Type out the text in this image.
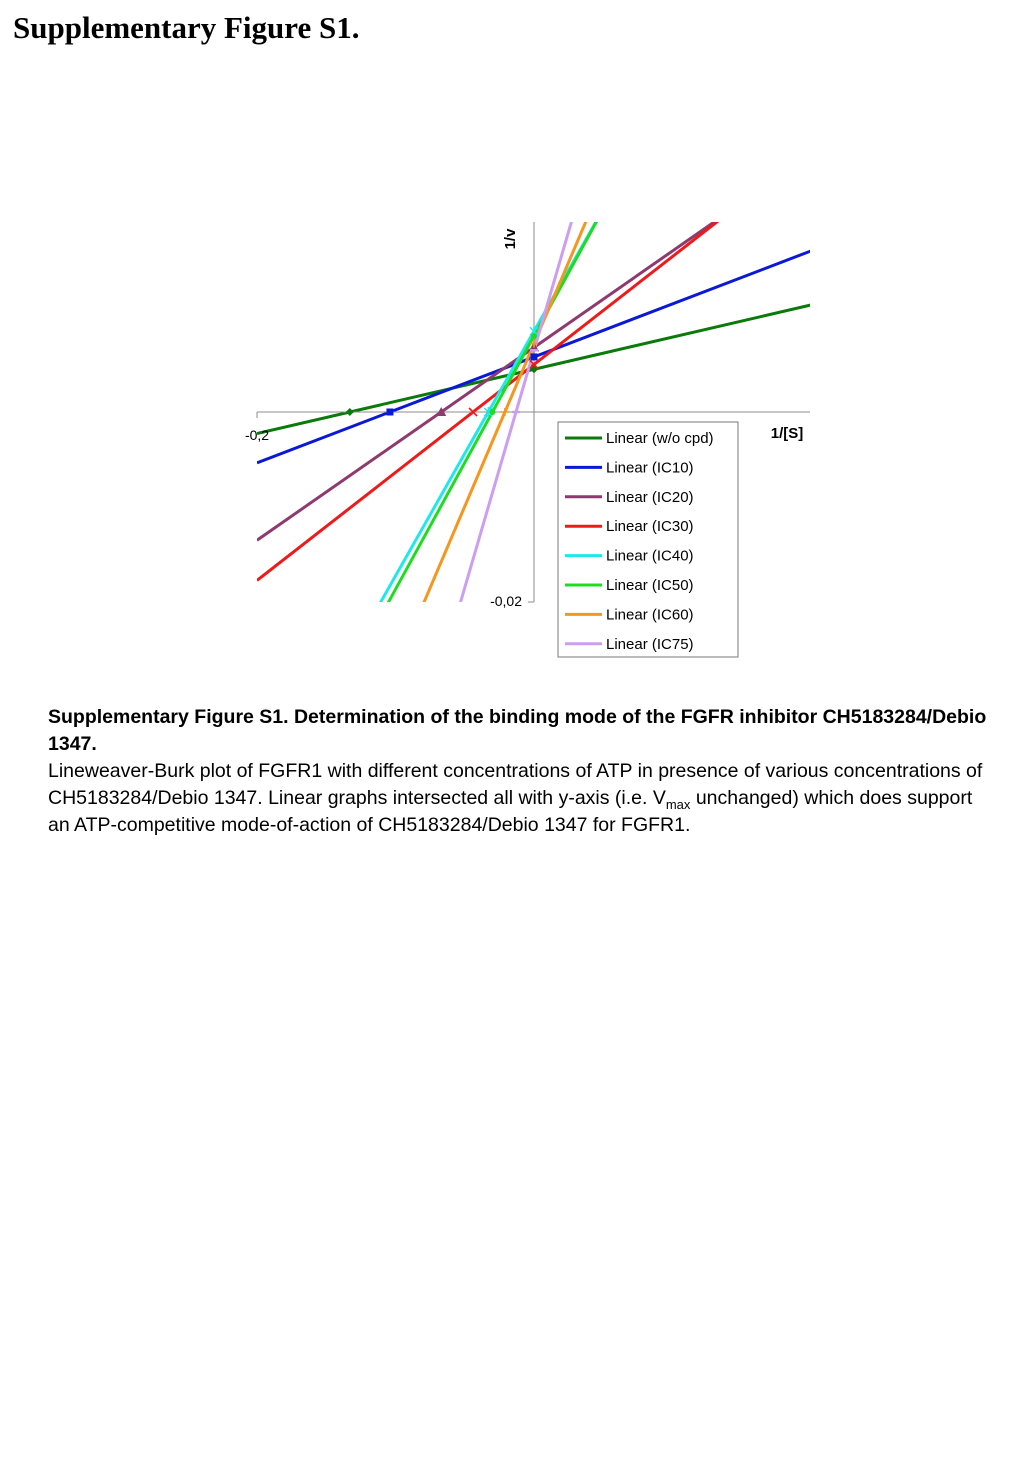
Supplementary Figure S1.
-0,2
-0,02
1/[S]
1/v
Linear (w/o cpd)
Linear (IC10)
Linear (IC20)
Linear (IC30)
Linear (IC40)
Linear (IC50)
Linear (IC60)
Linear (IC75)

Supplementary Figure S1. Determination of the binding mode of the FGFR inhibitor CH5183284/Debio 1347.

Lineweaver-Burk plot of FGFR1 with different concentrations of ATP in presence of various concentrations of CH5183284/Debio 1347. Linear graphs intersected all with y-axis (i.e. $V_{max}$ unchanged) which does support an ATP-competitive mode-of-action of CH5183284/Debio 1347 for FGFR1.
